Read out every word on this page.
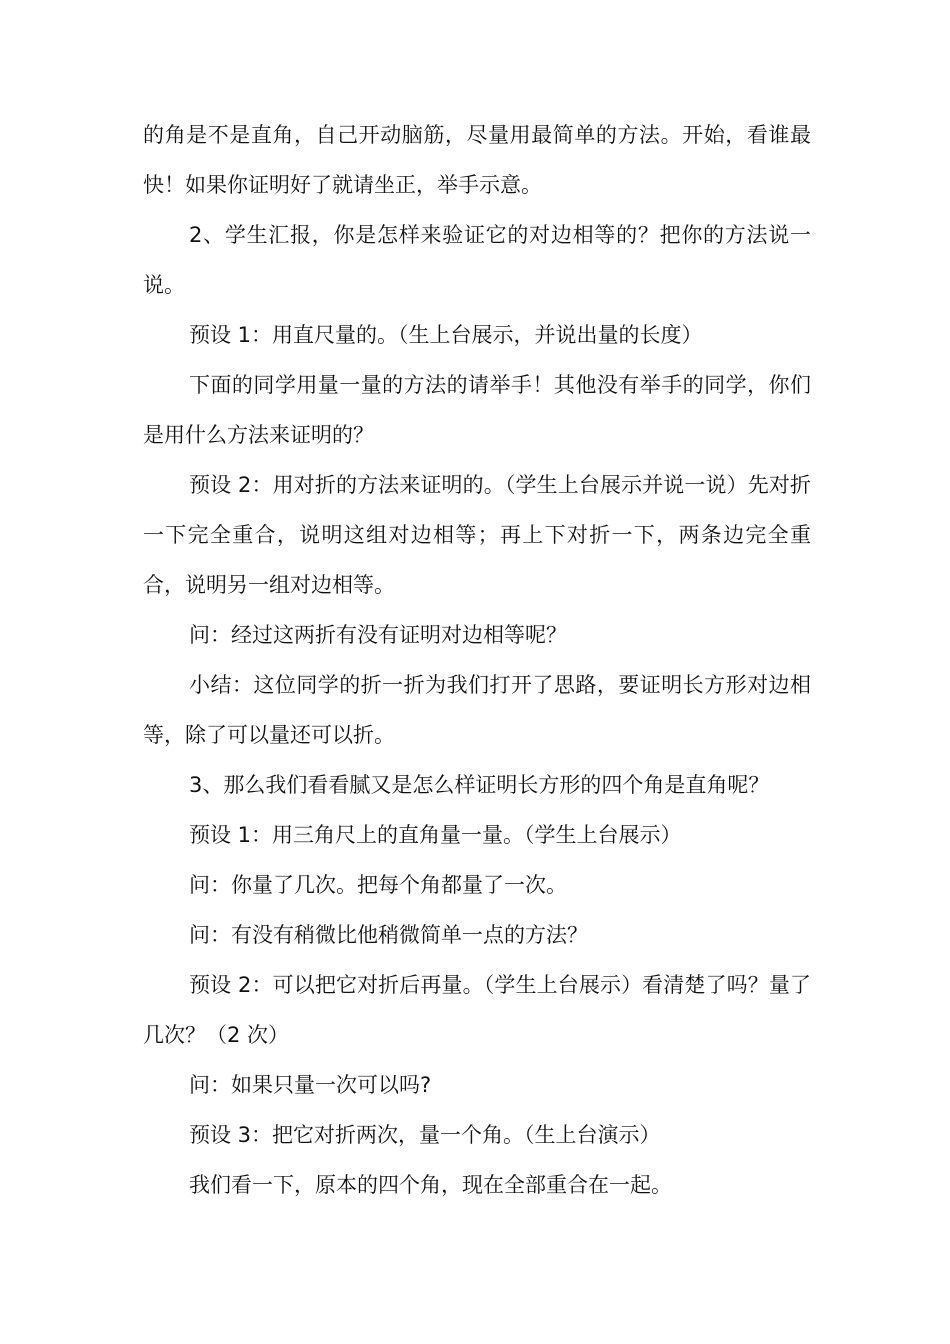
的角是不是直角，自己开动脑筋，尽量用最简单的方法。开始，看谁最快！如果你证明好了就请坐正，举手示意。

2、学生汇报，你是怎样来验证它的对边相等的？把你的方法说一说。

预设 1：用直尺量的。（生上台展示，并说出量的长度）

下面的同学用量一量的方法的请举手！其他没有举手的同学，你们是用什么方法来证明的？

预设 2：用对折的方法来证明的。（学生上台展示并说一说）先对折一下完全重合，说明这组对边相等；再上下对折一下，两条边完全重合，说明另一组对边相等。

问：经过这两折有没有证明对边相等呢？

小结：这位同学的折一折为我们打开了思路，要证明长方形对边相等，除了可以量还可以折。

3、那么我们看看腻又是怎么样证明长方形的四个角是直角呢？

预设 1：用三角尺上的直角量一量。（学生上台展示）

问：你量了几次。把每个角都量了一次。

问：有没有稍微比他稍微简单一点的方法？

预设 2：可以把它对折后再量。（学生上台展示）看清楚了吗？量了几次？（2 次）

问：如果只量一次可以吗?

预设 3：把它对折两次，量一个角。（生上台演示）

我们看一下，原本的四个角，现在全部重合在一起。
